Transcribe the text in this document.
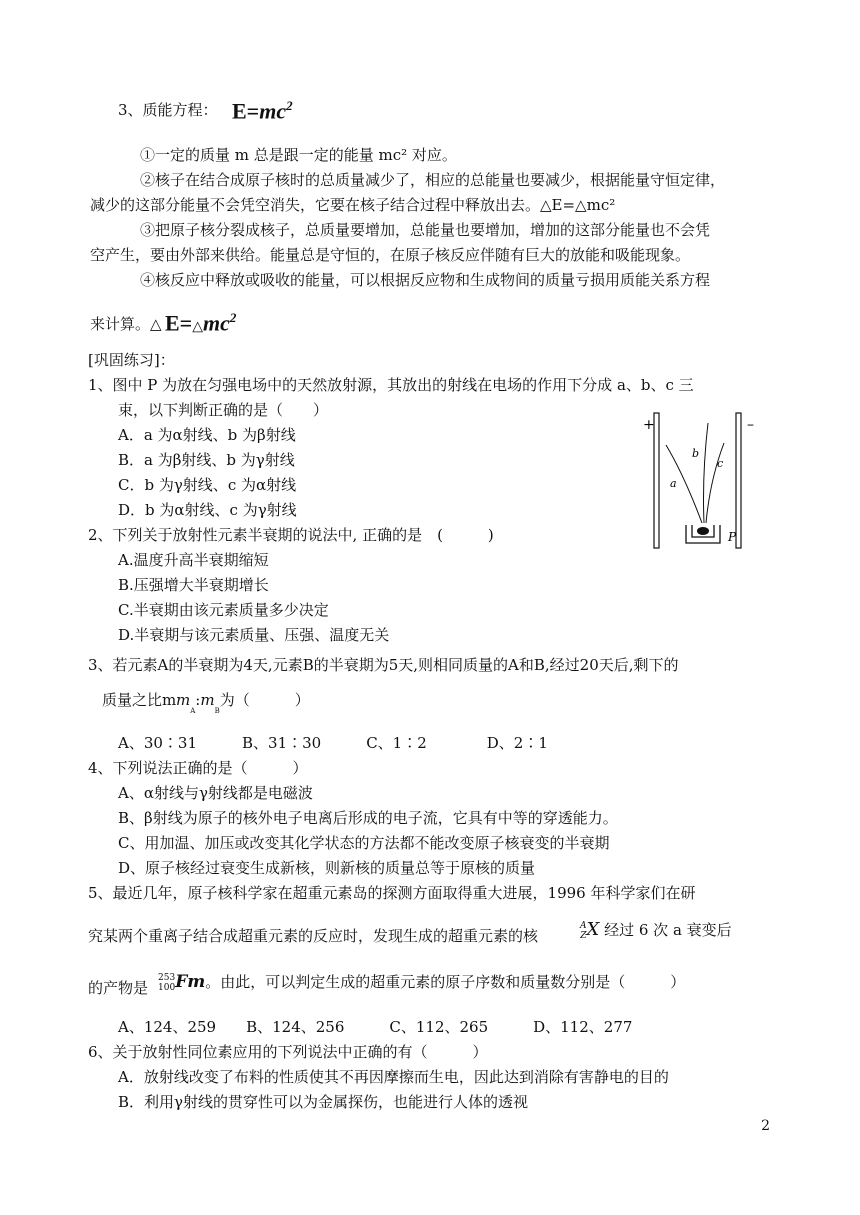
3、质能方程：
①一定的质量 m 总是跟一定的能量 mc² 对应。
②核子在结合成原子核时的总质量减少了，相应的总能量也要减少，根据能量守恒定律，
减少的这部分能量不会凭空消失，它要在核子结合过程中释放出去。△E=△mc²
③把原子核分裂成核子，总质量要增加，总能量也要增加，增加的这部分能量也不会凭
空产生，要由外部来供给。能量总是守恒的，在原子核反应伴随有巨大的放能和吸能现象。
④核反应中释放或吸收的能量，可以根据反应物和生成物间的质量亏损用质能关系方程
来计算。△
[巩固练习]：
1、图中 P 为放在匀强电场中的天然放射源，其放出的射线在电场的作用下分成 a、b、c 三
束，以下判断正确的是（　　）
A．a 为α射线、b 为β射线
B．a 为β射线、b 为γ射线
C．b 为γ射线、c 为α射线
D．b 为α射线、c 为γ射线
2、下列关于放射性元素半衰期的说法中, 正确的是　(　　　)
A.温度升高半衰期缩短
B.压强增大半衰期增长
C.半衰期由该元素质量多少决定
D.半衰期与该元素质量、压强、温度无关
3、若元素A的半衰期为4天,元素B的半衰期为5天,则相同质量的A和B,经过20天后,剩下的
质量之比m
A、30∶31　　　B、31∶30　　　C、1∶2　　　　D、2∶1
4、下列说法正确的是（　　　）
A、α射线与γ射线都是电磁波
B、β射线为原子的核外电子电离后形成的电子流，它具有中等的穿透能力。
C、用加温、加压或改变其化学状态的方法都不能改变原子核衰变的半衰期
D、原子核经过衰变生成新核，则新核的质量总等于原核的质量
5、最近几年，原子核科学家在超重元素岛的探测方面取得重大进展，1996 年科学家们在研
究某两个重离子结合成超重元素的反应时，发现生成的超重元素的核
的产物是
A、124、259　　B、124、256　　　C、112、265　　　D、112、277
6、关于放射性同位素应用的下列说法中正确的有（　　　）
A．放射线改变了布料的性质使其不再因摩擦而生电，因此达到消除有害静电的目的
B．利用γ射线的贯穿性可以为金属探伤，也能进行人体的透视
$E=mc^2$
$E=\triangle mc^2$
$m_A:m_B$为（　　　）
A
ZX 经过 6 次 a 衰变后
253
100Fm。由此，可以判定生成的超重元素的原子序数和质量数分别是（　　　）
+	–
a
b
c
P
2
